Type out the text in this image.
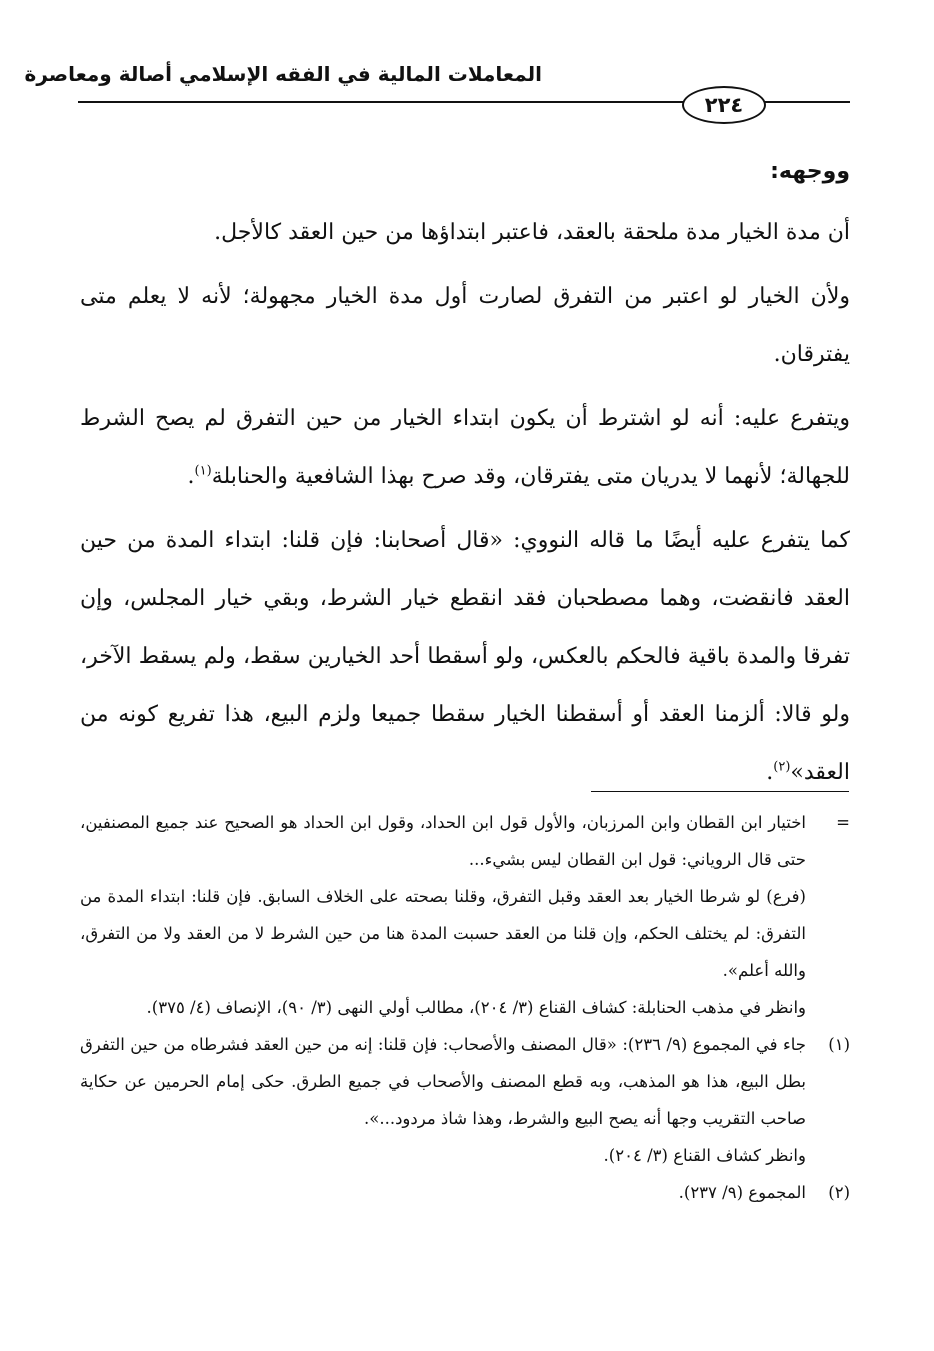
المعاملات المالية في الفقه الإسلامي أصالة ومعاصرة
٢٢٤
ووجهه:

أن مدة الخيار مدة ملحقة بالعقد، فاعتبر ابتداؤها من حين العقد كالأجل.

ولأن الخيار لو اعتبر من التفرق لصارت أول مدة الخيار مجهولة؛ لأنه لا يعلم متى يفترقان.

ويتفرع عليه: أنه لو اشترط أن يكون ابتداء الخيار من حين التفرق لم يصح الشرط للجهالة؛ لأنهما لا يدريان متى يفترقان، وقد صرح بهذا الشافعية والحنابلة$^{(١)}$.

كما يتفرع عليه أيضًا ما قاله النووي: «قال أصحابنا: فإن قلنا: ابتداء المدة من حين العقد فانقضت، وهما مصطحبان فقد انقطع خيار الشرط، وبقي خيار المجلس، وإن تفرقا والمدة باقية فالحكم بالعكس، ولو أسقطا أحد الخيارين سقط، ولم يسقط الآخر، ولو قالا: ألزمنا العقد أو أسقطنا الخيار سقطا جميعا ولزم البيع، هذا تفريع كونه من العقد»$^{(٢)}$.

=
اختيار ابن القطان وابن المرزبان، والأول قول ابن الحداد، وقول ابن الحداد هو الصحيح عند جميع المصنفين، حتى قال الروياني: قول ابن القطان ليس بشيء...
(فرع) لو شرطا الخيار بعد العقد وقبل التفرق، وقلنا بصحته على الخلاف السابق. فإن قلنا: ابتداء المدة من التفرق: لم يختلف الحكم، وإن قلنا من العقد حسبت المدة هنا من حين الشرط لا من العقد ولا من التفرق، والله أعلم».
وانظر في مذهب الحنابلة: كشاف القناع (٣/ ٢٠٤)، مطالب أولي النهى (٣/ ٩٠)، الإنصاف (٤/ ٣٧٥).
(١)
جاء في المجموع (٩/ ٢٣٦): «قال المصنف والأصحاب: فإن قلنا: إنه من حين العقد فشرطاه من حين التفرق بطل البيع، هذا هو المذهب، وبه قطع المصنف والأصحاب في جميع الطرق. حكى إمام الحرمين عن حكاية صاحب التقريب وجها أنه يصح البيع والشرط، وهذا شاذ مردود...».
وانظر كشاف القناع (٣/ ٢٠٤).
(٢)
المجموع (٩/ ٢٣٧).
